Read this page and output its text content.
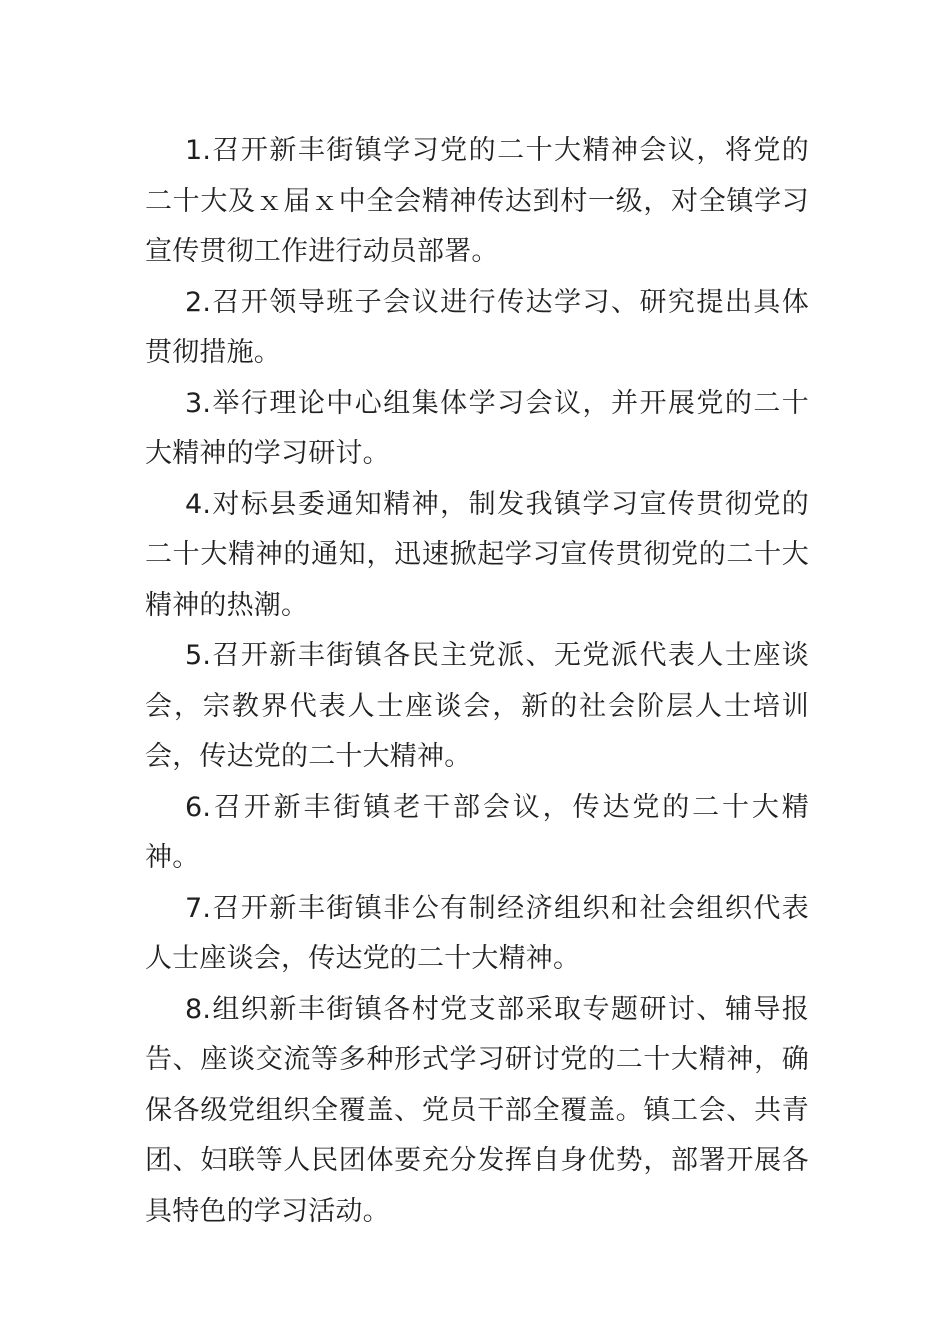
1.召开新丰街镇学习党的二十大精神会议，将党的二十大及ｘ届ｘ中全会精神传达到村一级，对全镇学习宣传贯彻工作进行动员部署。

2.召开领导班子会议进行传达学习、研究提出具体贯彻措施。

3.举行理论中心组集体学习会议，并开展党的二十大精神的学习研讨。

4.对标县委通知精神，制发我镇学习宣传贯彻党的二十大精神的通知，迅速掀起学习宣传贯彻党的二十大精神的热潮。

5.召开新丰街镇各民主党派、无党派代表人士座谈会，宗教界代表人士座谈会，新的社会阶层人士培训会，传达党的二十大精神。

6.召开新丰街镇老干部会议，传达党的二十大精神。

7.召开新丰街镇非公有制经济组织和社会组织代表人士座谈会，传达党的二十大精神。

8.组织新丰街镇各村党支部采取专题研讨、辅导报告、座谈交流等多种形式学习研讨党的二十大精神，确保各级党组织全覆盖、党员干部全覆盖。镇工会、共青团、妇联等人民团体要充分发挥自身优势，部署开展各具特色的学习活动。
